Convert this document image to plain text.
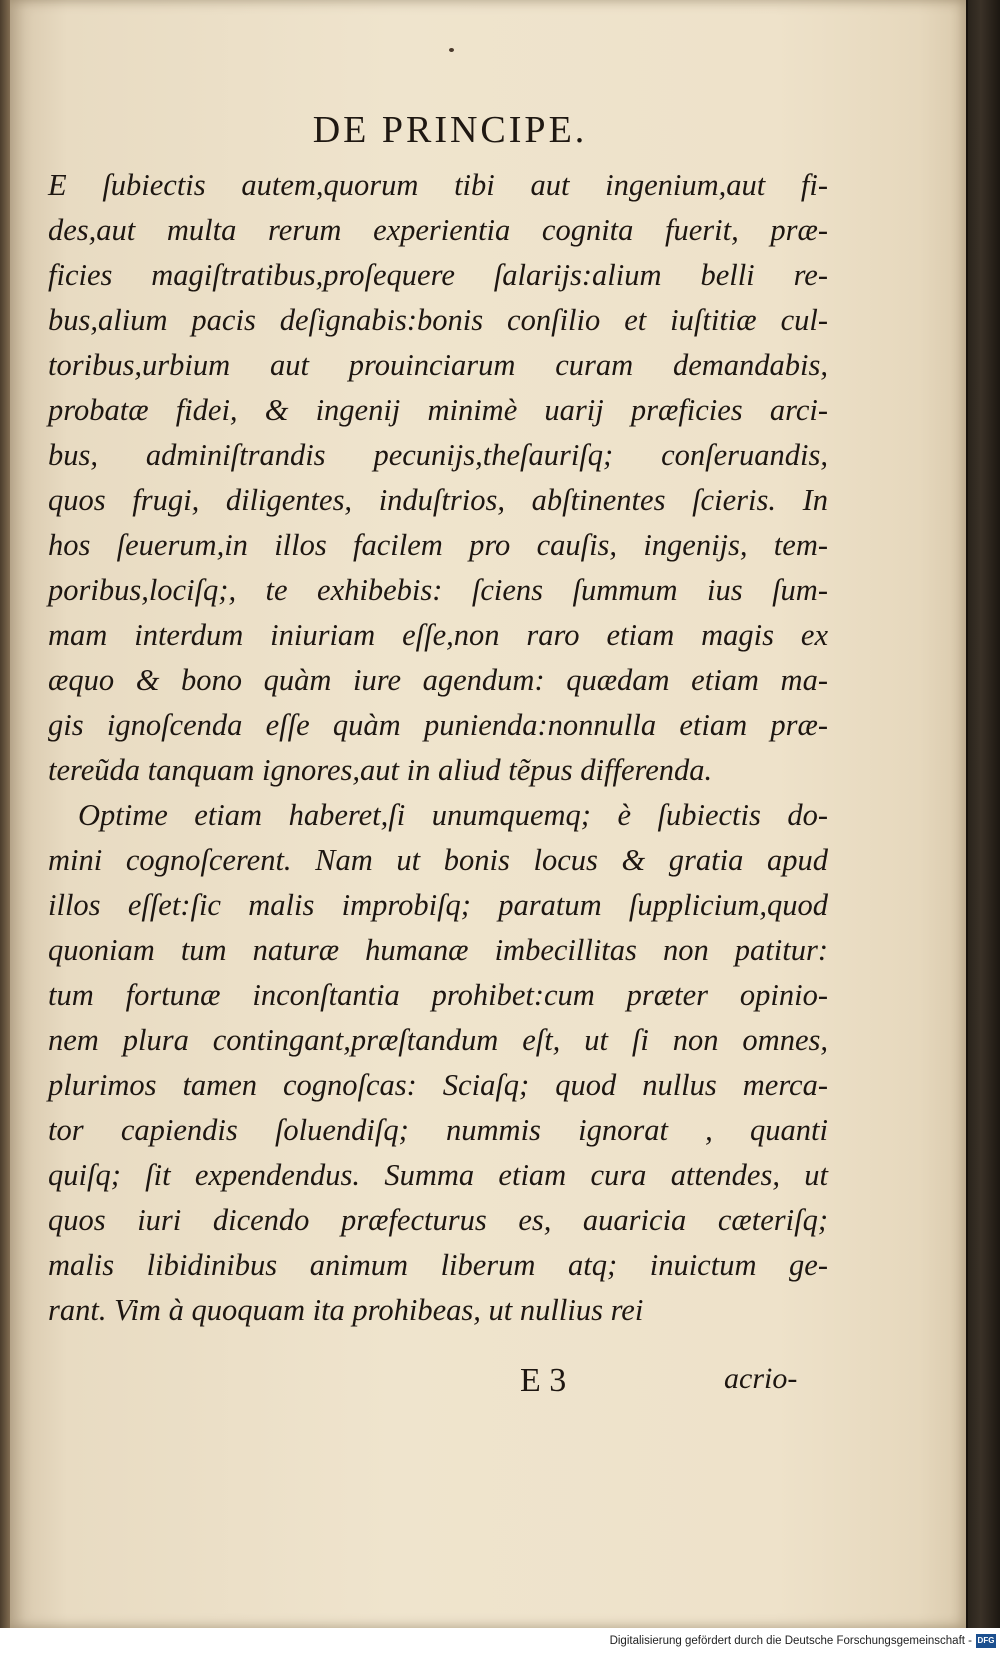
DE PRINCIPE.
E ſubiectis autem,quorum tibi aut ingenium,aut fi-
des,aut multa rerum experientia cognita fuerit, præ-
ficies magiſtratibus,proſequere ſalarijs:alium belli re-
bus,alium pacis deſignabis:bonis conſilio et iuſtitiæ cul-
toribus,urbium aut prouinciarum curam demandabis,
probatæ fidei, & ingenij minimè uarij præficies arci-
bus, adminiſtrandis pecunijs,theſauriſq; conſeruandis,
quos frugi, diligentes, induſtrios, abſtinentes ſcieris. In
hos ſeuerum,in illos facilem pro cauſis, ingenijs, tem-
poribus,lociſq;, te exhibebis: ſciens ſummum ius ſum-
mam interdum iniuriam eſſe,non raro etiam magis ex
æquo & bono quàm iure agendum: quædam etiam ma-
gis ignoſcenda eſſe quàm punienda:nonnulla etiam præ-
tereũda tanquam ignores,aut in aliud tẽpus differenda.
Optime etiam haberet,ſi unumquemq; è ſubiectis do-
mini cognoſcerent. Nam ut bonis locus & gratia apud
illos eſſet:ſic malis improbiſq; paratum ſupplicium,quod
quoniam tum naturæ humanæ imbecillitas non patitur:
tum fortunæ inconſtantia prohibet:cum præter opinio-
nem plura contingant,præſtandum eſt, ut ſi non omnes,
plurimos tamen cognoſcas: Sciaſq; quod nullus merca-
tor capiendis ſoluendiſq; nummis ignorat , quanti
quiſq; ſit expendendus. Summa etiam cura attendes, ut
quos iuri dicendo præfecturus es, auaricia cæteriſq;
malis libidinibus animum liberum atq; inuictum ge-
rant. Vim à quoquam ita prohibeas, ut nullius rei
E 3	acrio-
Digitalisierung gefördert durch die Deutsche Forschungsgemeinschaft - DFG
